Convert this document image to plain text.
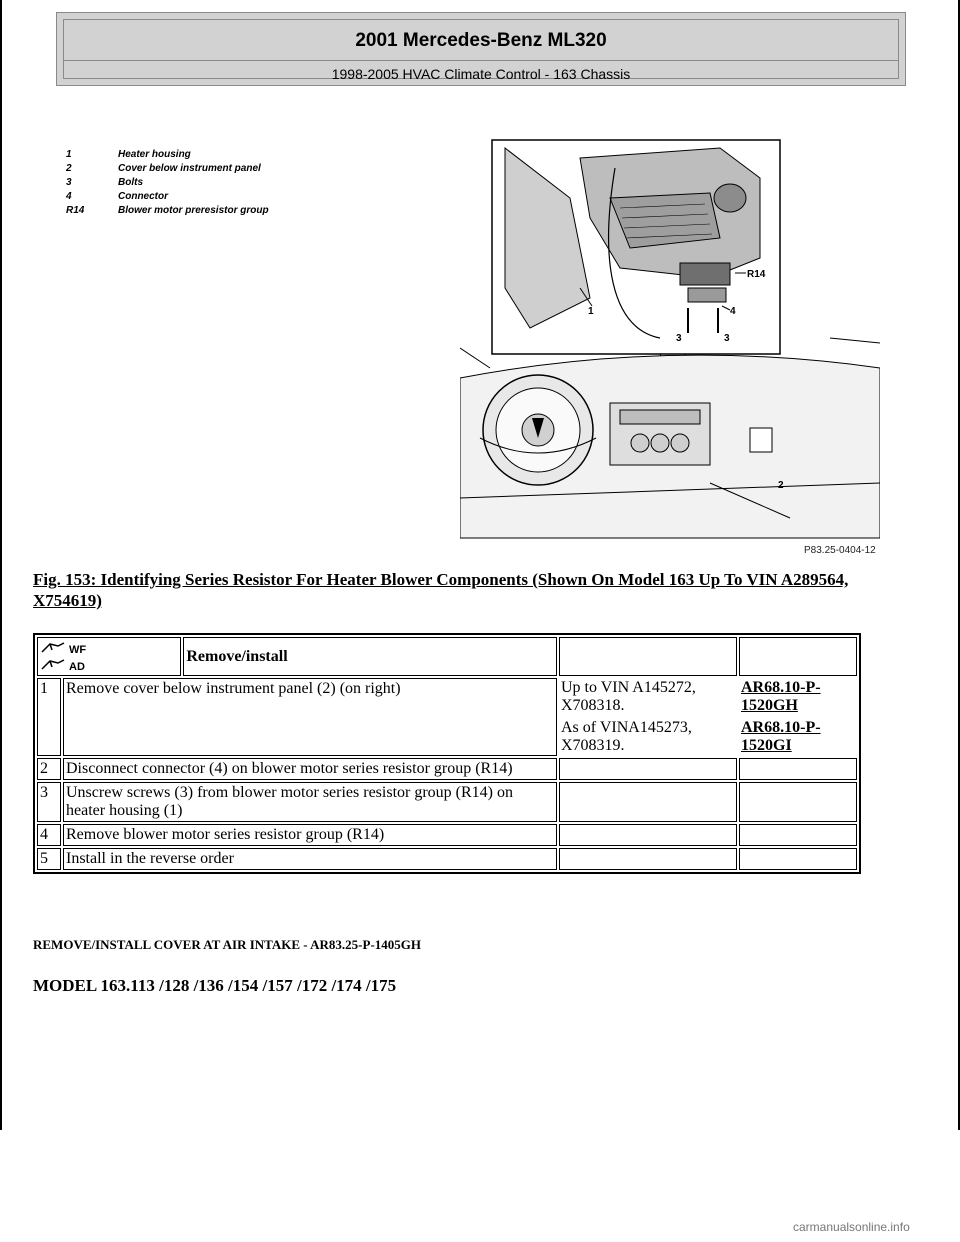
2001 Mercedes-Benz ML320
1998-2005 HVAC Climate Control - 163 Chassis
1	Heater housing
2	Cover below instrument panel
3	Bolts
4	Connector
R14	Blower motor preresistor group
R14
4
1
3	3
2
P83.25-0404-12
Fig. 153: Identifying Series Resistor For Heater Blower Components (Shown On Model 163 Up To VIN A289564, X754619)
WF
AD		Remove/install		
1	Remove cover below instrument panel (2) (on right)		Up to VIN A145272, X708318.	AR68.10-P-1520GH
			As of VINA145273, X708319.	AR68.10-P-1520GI
2	Disconnect connector (4) on blower motor series resistor group (R14)			
3	Unscrew screws (3) from blower motor series resistor group (R14) on heater housing (1)			
4	Remove blower motor series resistor group (R14)			
5	Install in the reverse order			
REMOVE/INSTALL COVER AT AIR INTAKE - AR83.25-P-1405GH
MODEL 163.113 /128 /136 /154 /157 /172 /174 /175
carmanualsonline.info
